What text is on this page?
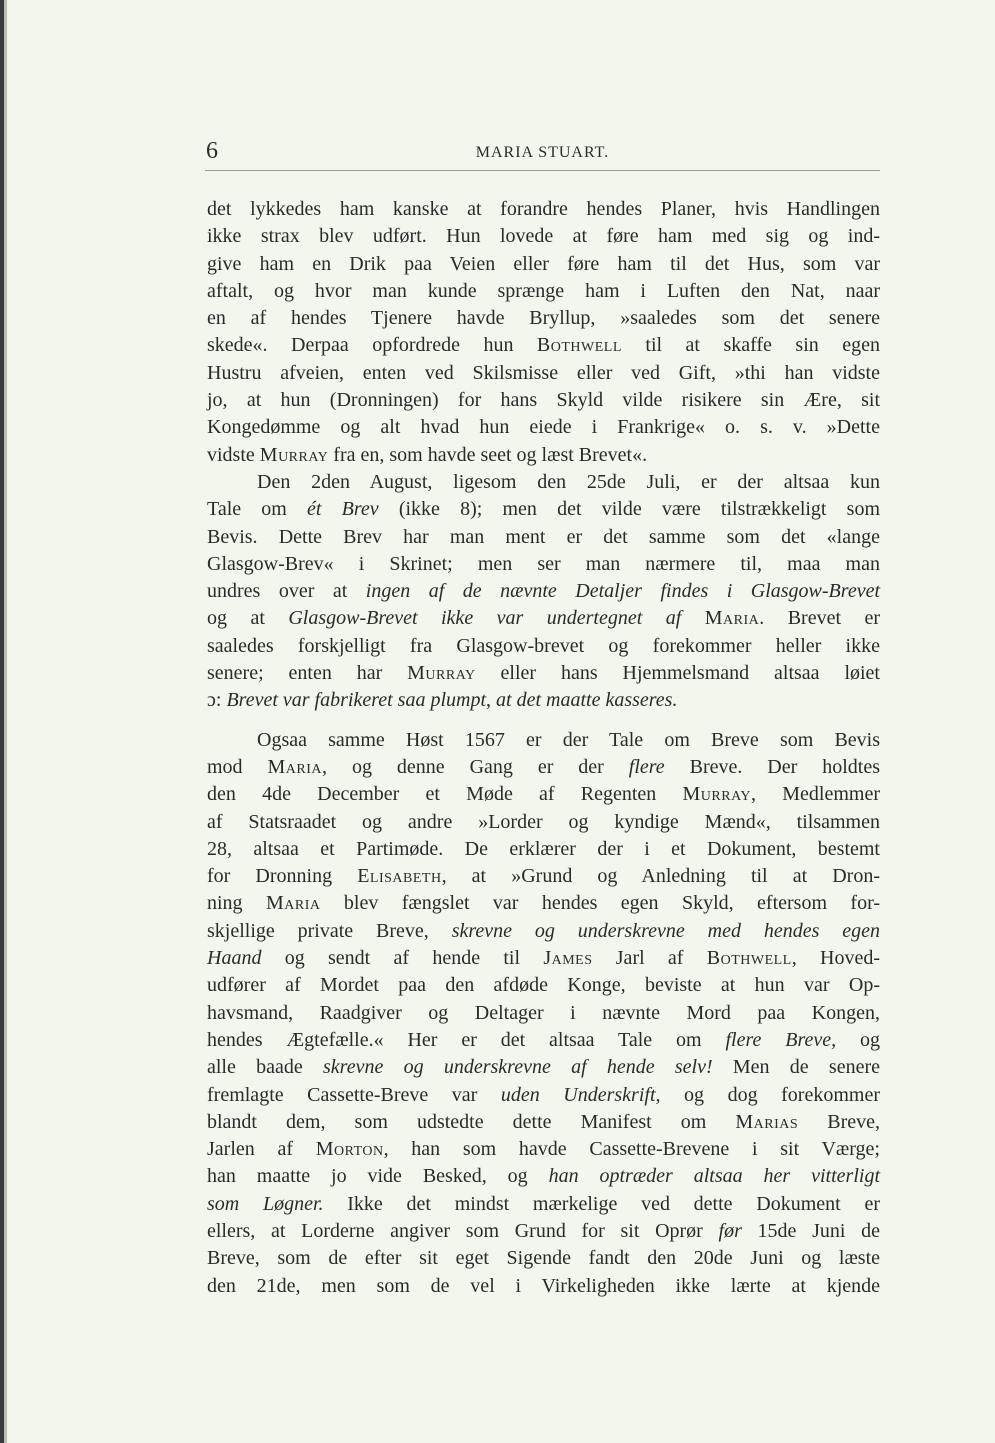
6	MARIA STUART.
det lykkedes ham kanske at forandre hendes Planer, hvis Handlingen
ikke strax blev udført. Hun lovede at føre ham med sig og ind-
give ham en Drik paa Veien eller føre ham til det Hus, som var
aftalt, og hvor man kunde sprænge ham i Luften den Nat, naar
en af hendes Tjenere havde Bryllup, »saaledes som det senere
skede«. Derpaa opfordrede hun Bothwell til at skaffe sin egen
Hustru afveien, enten ved Skilsmisse eller ved Gift, »thi han vidste
jo, at hun (Dronningen) for hans Skyld vilde risikere sin Ære, sit
Kongedømme og alt hvad hun eiede i Frankrige« o. s. v. »Dette
vidste Murray fra en, som havde seet og læst Brevet«.
Den 2den August, ligesom den 25de Juli, er der altsaa kun
Tale om ét Brev (ikke 8); men det vilde være tilstrækkeligt som
Bevis. Dette Brev har man ment er det samme som det «lange
Glasgow-Brev« i Skrinet; men ser man nærmere til, maa man
undres over at ingen af de nævnte Detaljer findes i Glasgow-Brevet
og at Glasgow-Brevet ikke var undertegnet af Maria. Brevet er
saaledes forskjelligt fra Glasgow-brevet og forekommer heller ikke
senere; enten har Murray eller hans Hjemmelsmand altsaa løiet
ɔ: Brevet var fabrikeret saa plumpt, at det maatte kasseres.
Ogsaa samme Høst 1567 er der Tale om Breve som Bevis
mod Maria, og denne Gang er der flere Breve. Der holdtes
den 4de December et Møde af Regenten Murray, Medlemmer
af Statsraadet og andre »Lorder og kyndige Mænd«, tilsammen
28, altsaa et Partimøde. De erklærer der i et Dokument, bestemt
for Dronning Elisabeth, at »Grund og Anledning til at Dron-
ning Maria blev fængslet var hendes egen Skyld, eftersom for-
skjellige private Breve, skrevne og underskrevne med hendes egen
Haand og sendt af hende til James Jarl af Bothwell, Hoved-
udfører af Mordet paa den afdøde Konge, beviste at hun var Op-
havsmand, Raadgiver og Deltager i nævnte Mord paa Kongen,
hendes Ægtefælle.« Her er det altsaa Tale om flere Breve, og
alle baade skrevne og underskrevne af hende selv! Men de senere
fremlagte Cassette-Breve var uden Underskrift, og dog forekommer
blandt dem, som udstedte dette Manifest om Marias Breve,
Jarlen af Morton, han som havde Cassette-Brevene i sit Værge;
han maatte jo vide Besked, og han optræder altsaa her vitterligt
som Løgner. Ikke det mindst mærkelige ved dette Dokument er
ellers, at Lorderne angiver som Grund for sit Oprør før 15de Juni de
Breve, som de efter sit eget Sigende fandt den 20de Juni og læste
den 21de, men som de vel i Virkeligheden ikke lærte at kjende
